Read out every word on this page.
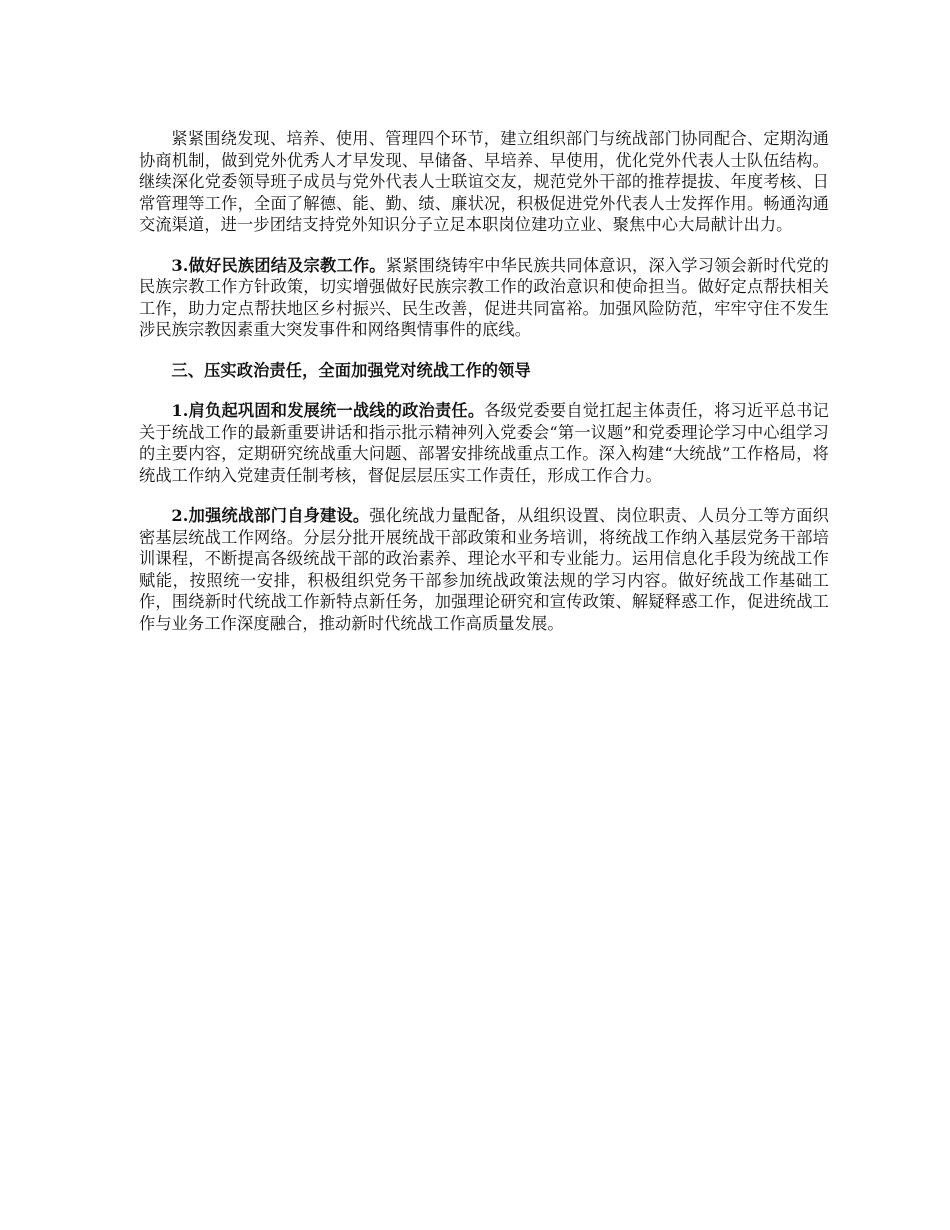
紧紧围绕发现、培养、使用、管理四个环节，建立组织部门与统战部门协同配合、定期沟通协商机制，做到党外优秀人才早发现、早储备、早培养、早使用，优化党外代表人士队伍结构。继续深化党委领导班子成员与党外代表人士联谊交友，规范党外干部的推荐提拔、年度考核、日常管理等工作，全面了解德、能、勤、绩、廉状况，积极促进党外代表人士发挥作用。畅通沟通交流渠道，进一步团结支持党外知识分子立足本职岗位建功立业、聚焦中心大局献计出力。

3.做好民族团结及宗教工作。紧紧围绕铸牢中华民族共同体意识，深入学习领会新时代党的民族宗教工作方针政策，切实增强做好民族宗教工作的政治意识和使命担当。做好定点帮扶相关工作，助力定点帮扶地区乡村振兴、民生改善，促进共同富裕。加强风险防范，牢牢守住不发生涉民族宗教因素重大突发事件和网络舆情事件的底线。

三、压实政治责任，全面加强党对统战工作的领导

1.肩负起巩固和发展统一战线的政治责任。各级党委要自觉扛起主体责任，将习近平总书记关于统战工作的最新重要讲话和指示批示精神列入党委会“第一议题”和党委理论学习中心组学习的主要内容，定期研究统战重大问题、部署安排统战重点工作。深入构建“大统战”工作格局，将统战工作纳入党建责任制考核，督促层层压实工作责任，形成工作合力。

2.加强统战部门自身建设。强化统战力量配备，从组织设置、岗位职责、人员分工等方面织密基层统战工作网络。分层分批开展统战干部政策和业务培训，将统战工作纳入基层党务干部培训课程，不断提高各级统战干部的政治素养、理论水平和专业能力。运用信息化手段为统战工作赋能，按照统一安排，积极组织党务干部参加统战政策法规的学习内容。做好统战工作基础工作，围绕新时代统战工作新特点新任务，加强理论研究和宣传政策、解疑释惑工作，促进统战工作与业务工作深度融合，推动新时代统战工作高质量发展。
